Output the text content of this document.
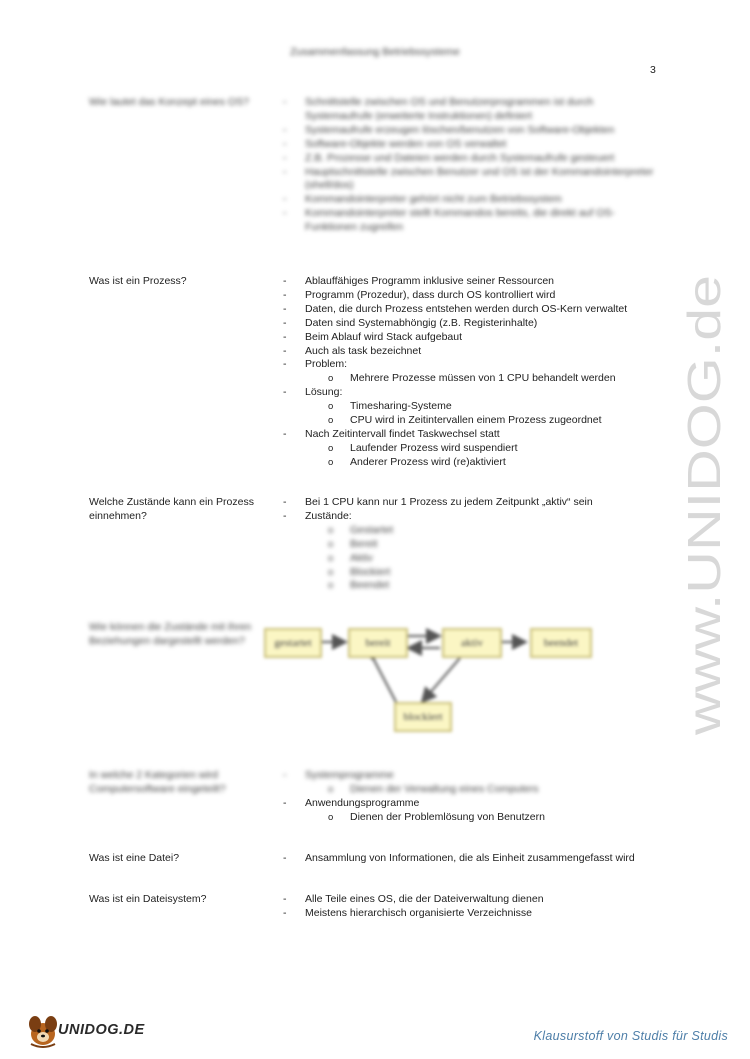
Zusammenfassung Betriebssysteme
3
Wie lautet das Konzept eines OS?	- Schnittstelle zwischen OS und Benutzerprogrammen ist durch Systemaufrufe (erweiterte Instruktionen) definiert
- Systemaufrufe erzeugen löschen/benutzen von Software-Objekten
- Software-Objekte werden von OS verwaltet
- Z.B. Prozesse und Dateien werden durch Systemaufrufe gesteuert
- Hauptschnittstelle zwischen Benutzer und OS ist der Kommandointerpreter (shell/dos)
- Kommandointerpreter gehört nicht zum Betriebssystem
- Kommandointerpreter stellt Kommandos bereits, die direkt auf OS-Funktionen zugreifen
Was ist ein Prozess?	- Ablauffähiges Programm inklusive seiner Ressourcen
- Programm (Prozedur), dass durch OS kontrolliert wird
- Daten, die durch Prozess entstehen werden durch OS-Kern verwaltet
- Daten sind Systemabhöngig (z.B. Registerinhalte)
- Beim Ablauf wird Stack aufgebaut
- Auch als task bezeichnet
- Problem:
o Mehrere Prozesse müssen von 1 CPU behandelt werden
- Lösung:
o Timesharing-Systeme
o CPU wird in Zeitintervallen einem Prozess zugeordnet
- Nach Zeitintervall findet Taskwechsel statt
o Laufender Prozess wird suspendiert
o Anderer Prozess wird (re)aktiviert
Welche Zustände kann ein Prozess einnehmen?
- Bei 1 CPU kann nur 1 Prozess zu jedem Zeitpunkt „aktiv“ sein
- Zustände:
o Gestartet
o Bereit
o Aktiv
o Blockiert
o Beendet
Wie können die Zustände mit ihren Beziehungen dargestellt werden?	gestartet	bereit	aktiv	beendet
blockiert
In welche 2 Kategorien wird Computersoftware eingeteilt?
- Systemprogramme
o Dienen der Verwaltung eines Computers
- Anwendungsprogramme
o Dienen der Problemlösung von Benutzern
Was ist eine Datei?	- Ansammlung von Informationen, die als Einheit zusammengefasst wird
Was ist ein Dateisystem?	- Alle Teile eines OS, die der Dateiverwaltung dienen
- Meistens hierarchisch organisierte Verzeichnisse
www.UNIDOG.de
UNIDOG.DE	Klausurstoff von Studis für Studis
